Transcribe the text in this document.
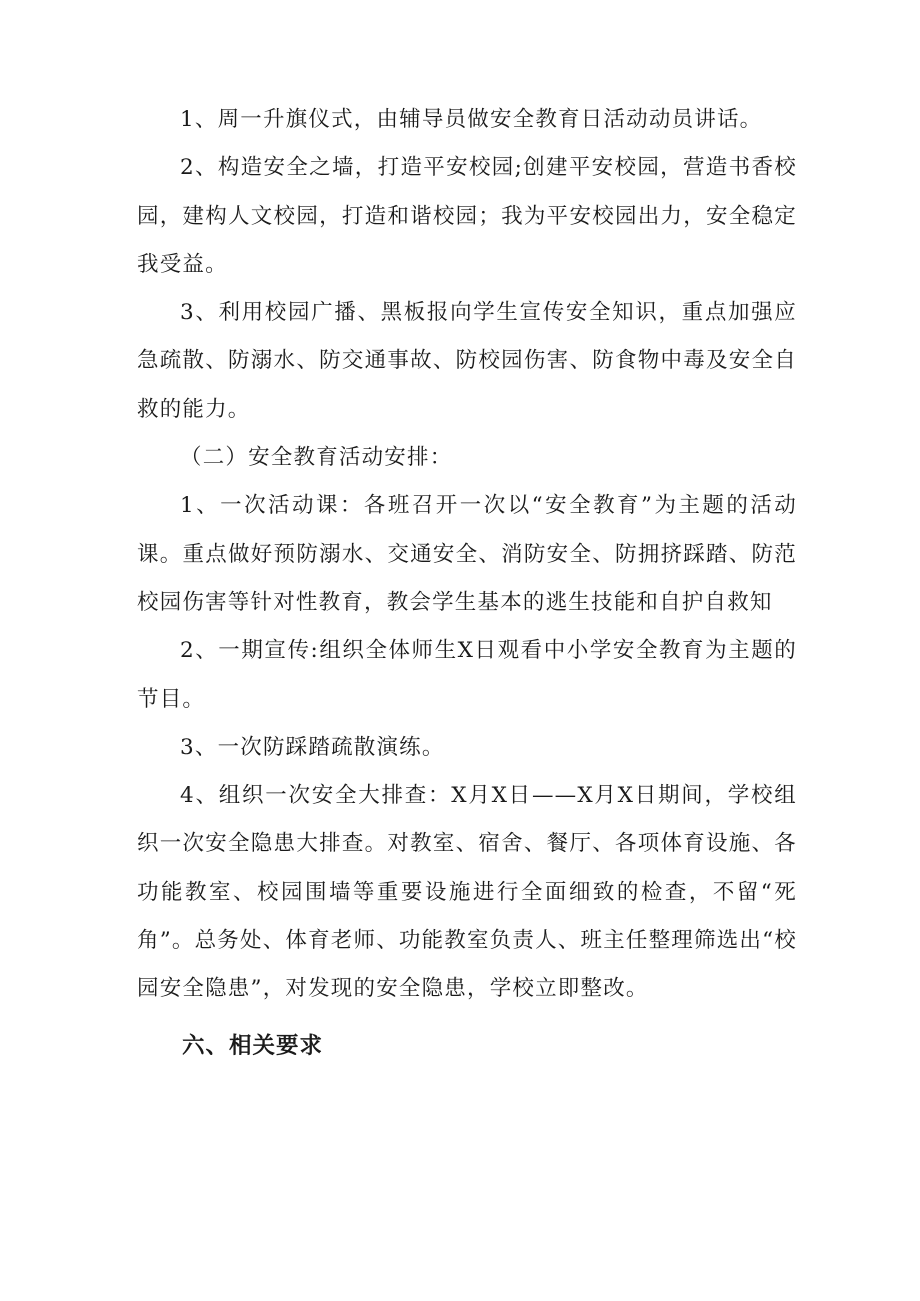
1、周一升旗仪式，由辅导员做安全教育日活动动员讲话。

2、构造安全之墙，打造平安校园;创建平安校园，营造书香校园，建构人文校园，打造和谐校园；我为平安校园出力，安全稳定我受益。

3、利用校园广播、黑板报向学生宣传安全知识，重点加强应急疏散、防溺水、防交通事故、防校园伤害、防食物中毒及安全自救的能力。

（二）安全教育活动安排：

1、一次活动课：各班召开一次以“安全教育”为主题的活动课。重点做好预防溺水、交通安全、消防安全、防拥挤踩踏、防范校园伤害等针对性教育，教会学生基本的逃生技能和自护自救知

2、一期宣传:组织全体师生X日观看中小学安全教育为主题的节目。

3、一次防踩踏疏散演练。

4、组织一次安全大排查：X月X日——X月X日期间，学校组织一次安全隐患大排查。对教室、宿舍、餐厅、各项体育设施、各功能教室、校园围墙等重要设施进行全面细致的检查，不留“死角”。总务处、体育老师、功能教室负责人、班主任整理筛选出“校园安全隐患”，对发现的安全隐患，学校立即整改。

六、相关要求
